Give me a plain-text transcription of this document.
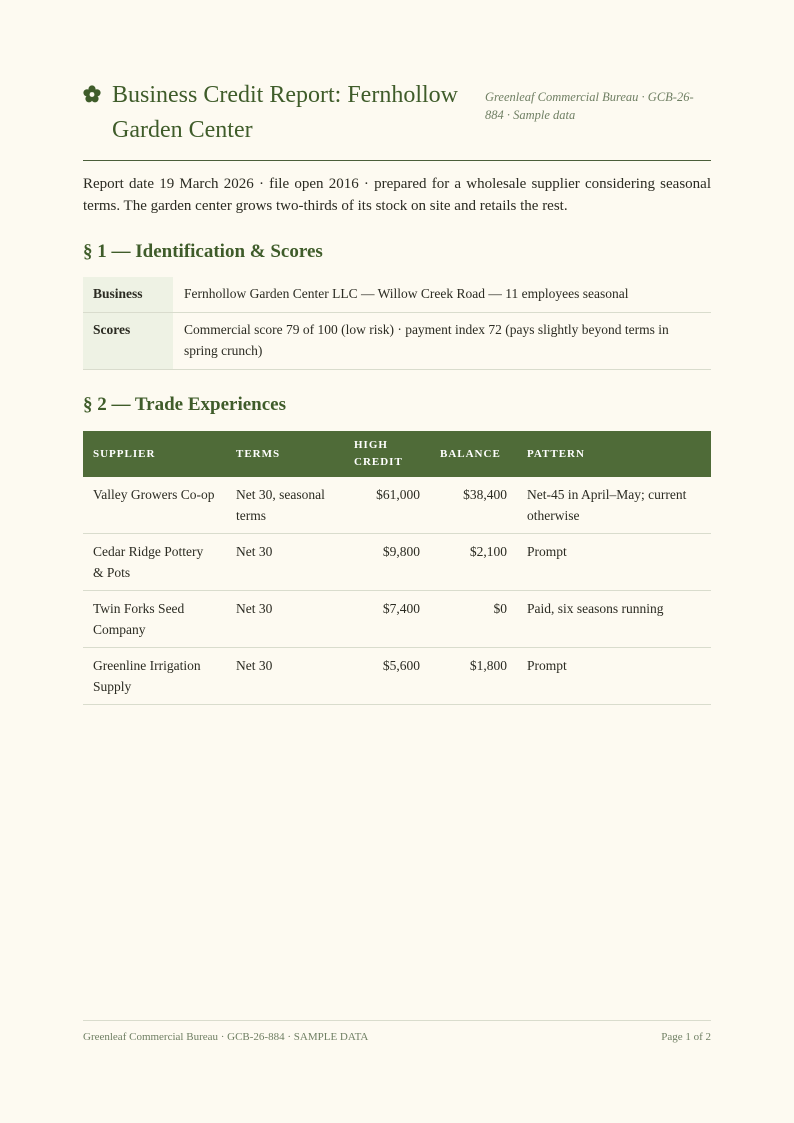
Business Credit Report: Fernhollow Garden Center
Greenleaf Commercial Bureau · GCB-26-884 · Sample data

Report date 19 March 2026 · file open 2016 · prepared for a wholesale supplier considering seasonal terms. The garden center grows two-thirds of its stock on site and retails the rest.

§ 1 — Identification & Scores
Business	Fernhollow Garden Center LLC — Willow Creek Road — 11 employees seasonal
Scores	Commercial score 79 of 100 (low risk) · payment index 72 (pays slightly beyond terms in spring crunch)
§ 2 — Trade Experiences
SUPPLIER	TERMS	HIGH CREDIT	BALANCE	PATTERN
Valley Growers Co-op	Net 30, seasonal terms	$61,000	$38,400	Net-45 in April–May; current otherwise
Cedar Ridge Pottery & Pots	Net 30	$9,800	$2,100	Prompt
Twin Forks Seed Company	Net 30	$7,400	$0	Paid, six seasons running
Greenline Irrigation Supply	Net 30	$5,600	$1,800	Prompt
Greenleaf Commercial Bureau · GCB-26-884 · SAMPLE DATA	Page 1 of 2
